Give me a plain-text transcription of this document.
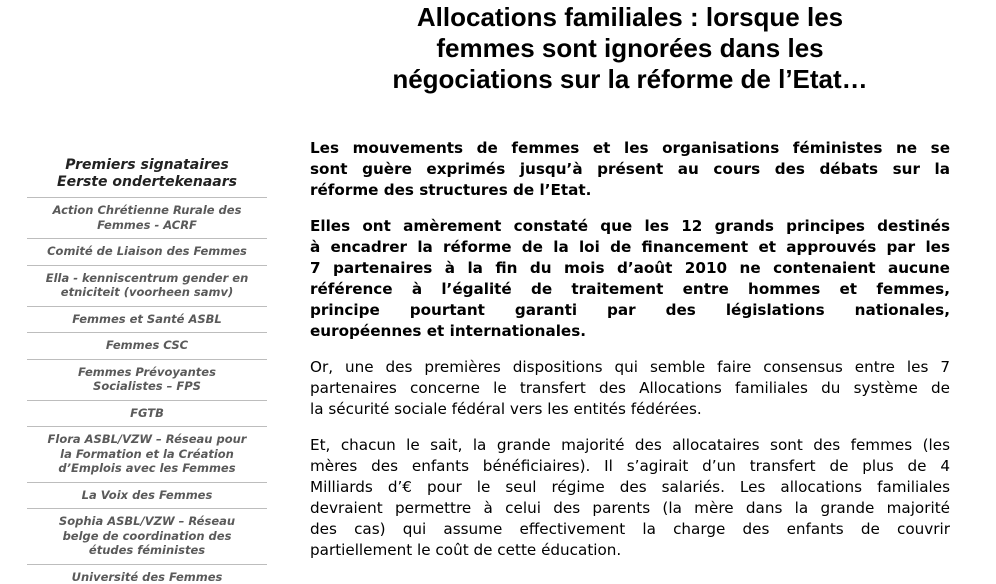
Allocations familiales : lorsque les
femmes sont ignorées dans les
négociations sur la réforme de l’Etat…
Premiers signataires
Eerste ondertekenaars
Action Chrétienne Rurale des
Femmes - ACRF
Comité de Liaison des Femmes
Ella - kenniscentrum gender en
etniciteit (voorheen samv)
Femmes et Santé ASBL
Femmes CSC
Femmes Prévoyantes
Socialistes – FPS
FGTB
Flora ASBL/VZW – Réseau pour
la Formation et la Création
d’Emplois avec les Femmes
La Voix des Femmes
Sophia ASBL/VZW – Réseau
belge de coordination des
études féministes
Université des Femmes

Les mouvements de femmes et les organisations féministes ne se
sont guère exprimés jusqu’à présent au cours des débats sur la
réforme des structures de l’Etat.

Elles ont amèrement constaté que les 12 grands principes destinés
à encadrer la réforme de la loi de financement et approuvés par les
7 partenaires à la fin du mois d’août 2010 ne contenaient aucune
référence à l’égalité de traitement entre hommes et femmes,
principe pourtant garanti par des législations nationales,
européennes et internationales.

Or, une des premières dispositions qui semble faire consensus entre les 7
partenaires concerne le transfert des Allocations familiales du système de
la sécurité sociale fédéral vers les entités fédérées.

Et, chacun le sait, la grande majorité des allocataires sont des femmes (les
mères des enfants bénéficiaires). Il s’agirait d’un transfert de plus de 4
Milliards d’€ pour le seul régime des salariés. Les allocations familiales
devraient permettre à celui des parents (la mère dans la grande majorité
des cas) qui assume effectivement la charge des enfants de couvrir
partiellement le coût de cette éducation.
